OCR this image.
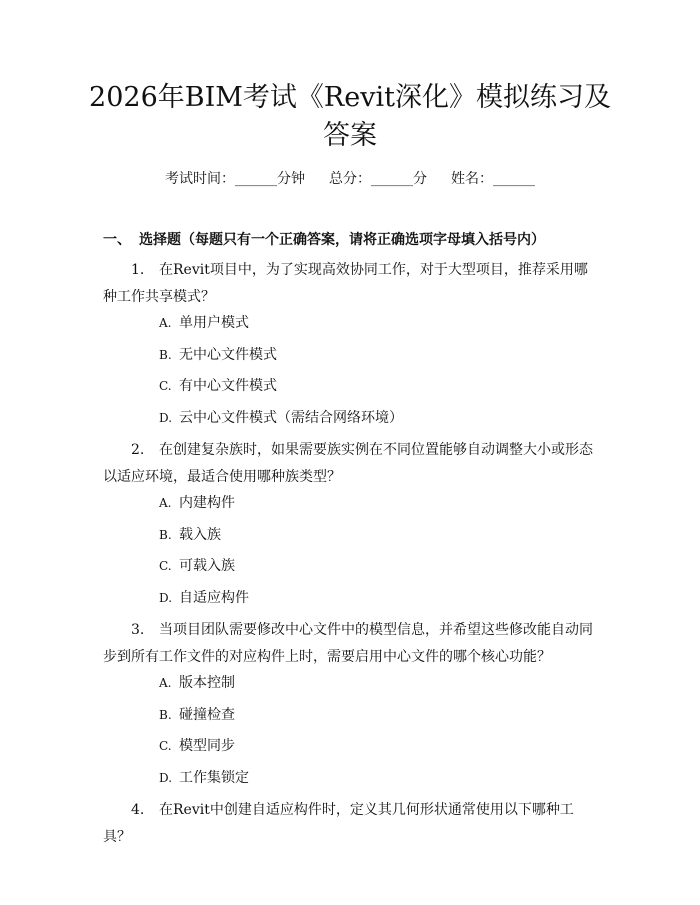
2026年BIM考试《Revit深化》模拟练习及
答案
考试时间：______分钟 总分：______分 姓名：______
一、 选择题（每题只有一个正确答案，请将正确选项字母填入括号内）

1. 在Revit项目中，为了实现高效协同工作，对于大型项目，推荐采用哪种工作共享模式？

A. 单用户模式
B. 无中心文件模式
C. 有中心文件模式
D. 云中心文件模式（需结合网络环境）

2. 在创建复杂族时，如果需要族实例在不同位置能够自动调整大小或形态以适应环境，最适合使用哪种族类型？

A. 内建构件
B. 载入族
C. 可载入族
D. 自适应构件

3. 当项目团队需要修改中心文件中的模型信息，并希望这些修改能自动同步到所有工作文件的对应构件上时，需要启用中心文件的哪个核心功能？

A. 版本控制
B. 碰撞检查
C. 模型同步
D. 工作集锁定

4. 在Revit中创建自适应构件时，定义其几何形状通常使用以下哪种工具？
